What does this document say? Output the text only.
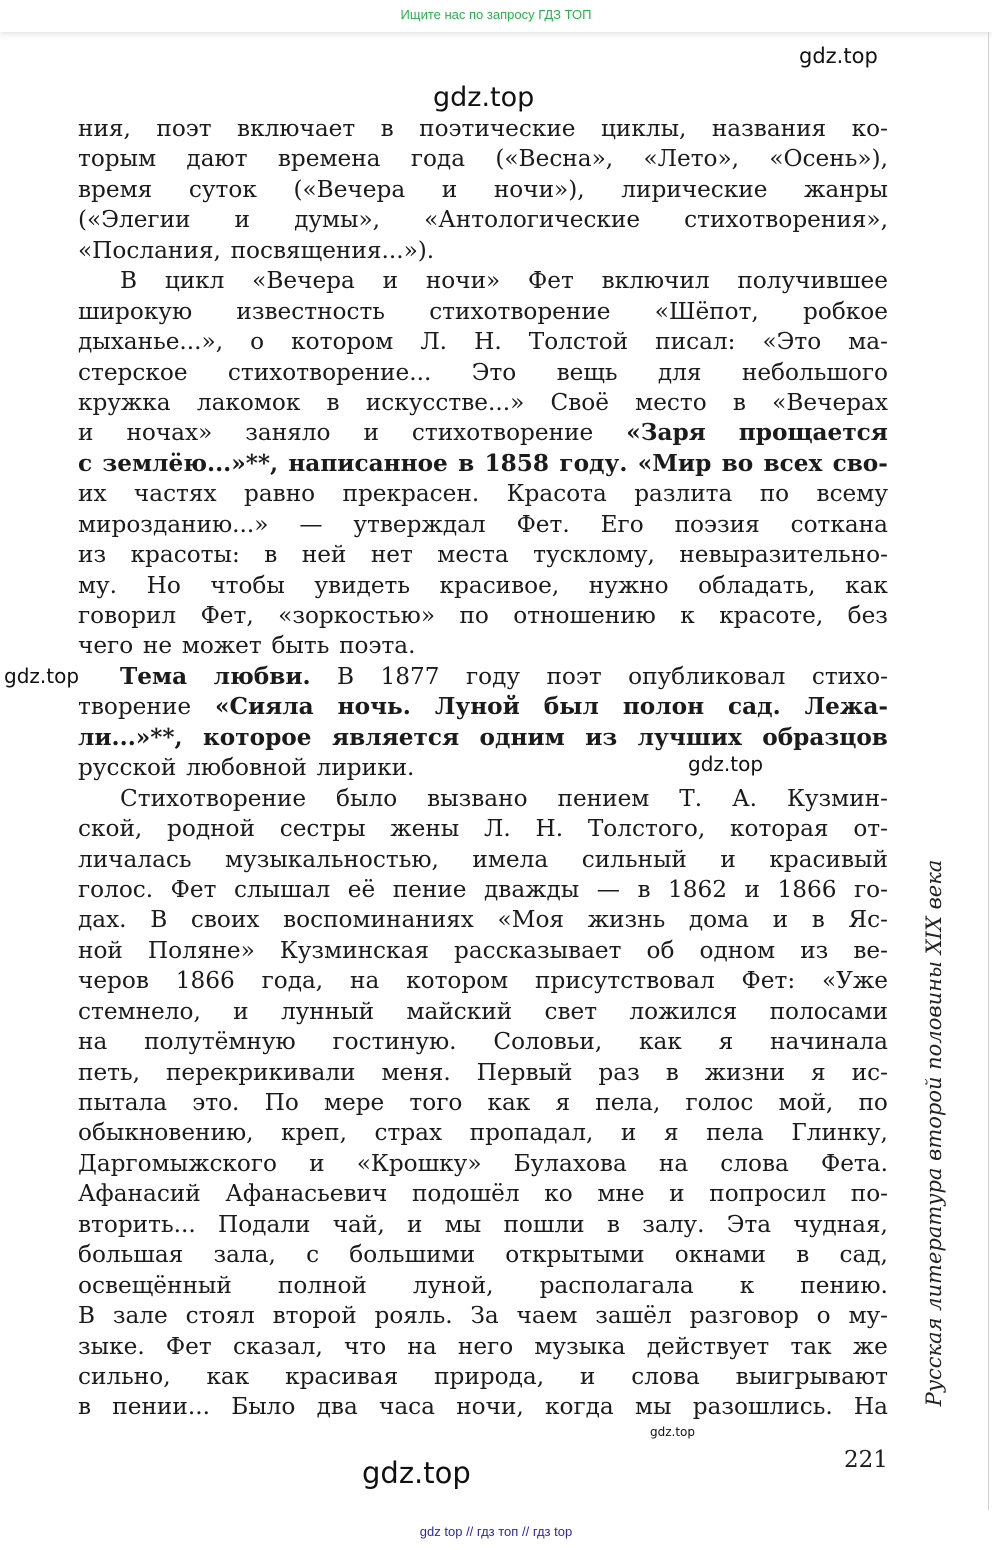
Ищите нас по запросу ГДЗ ТОП
gdz.top
gdz.top
gdz.top
gdz.top
gdz.top
gdz.top
ния, поэт включает в поэтические циклы, названия ко-
торым дают времена года («Весна», «Лето», «Осень»),
время суток («Вечера и ночи»), лирические жанры
(«Элегии и думы», «Антологические стихотворения»,
«Послания, посвящения...»).
В цикл «Вечера и ночи» Фет включил получившее
широкую известность стихотворение «Шёпот, робкое
дыханье...», о котором Л. Н. Толстой писал: «Это ма-
стерское стихотворение... Это вещь для небольшого
кружка лакомок в искусстве...» Своё место в «Вечерах
и ночах» заняло и стихотворение «Заря прощается
с землёю...»**, написанное в 1858 году. «Мир во всех сво-
их частях равно прекрасен. Красота разлита по всему
мирозданию...» — утверждал Фет. Его поэзия соткана
из красоты: в ней нет места тусклому, невыразительно-
му. Но чтобы увидеть красивое, нужно обладать, как
говорил Фет, «зоркостью» по отношению к красоте, без
чего не может быть поэта.
Тема любви. В 1877 году поэт опубликовал стихо-
творение «Сияла ночь. Луной был полон сад. Лежа-
ли...»**, которое является одним из лучших образцов
русской любовной лирики.
Стихотворение было вызвано пением Т. А. Кузмин-
ской, родной сестры жены Л. Н. Толстого, которая от-
личалась музыкальностью, имела сильный и красивый
голос. Фет слышал её пение дважды — в 1862 и 1866 го-
дах. В своих воспоминаниях «Моя жизнь дома и в Яс-
ной Поляне» Кузминская рассказывает об одном из ве-
черов 1866 года, на котором присутствовал Фет: «Уже
стемнело, и лунный майский свет ложился полосами
на полутёмную гостиную. Соловьи, как я начинала
петь, перекрикивали меня. Первый раз в жизни я ис-
пытала это. По мере того как я пела, голос мой, по
обыкновению, креп, страх пропадал, и я пела Глинку,
Даргомыжского и «Крошку» Булахова на слова Фета.
Афанасий Афанасьевич подошёл ко мне и попросил по-
вторить... Подали чай, и мы пошли в залу. Эта чудная,
большая зала, с большими открытыми окнами в сад,
освещённый полной луной, располагала к пению.
В зале стоял второй рояль. За чаем зашёл разговор о му-
зыке. Фет сказал, что на него музыка действует так же
сильно, как красивая природа, и слова выигрывают
в пении... Было два часа ночи, когда мы разошлись. На
Русская литература второй половины XIX века
221
gdz top // гдз топ // гдз top
